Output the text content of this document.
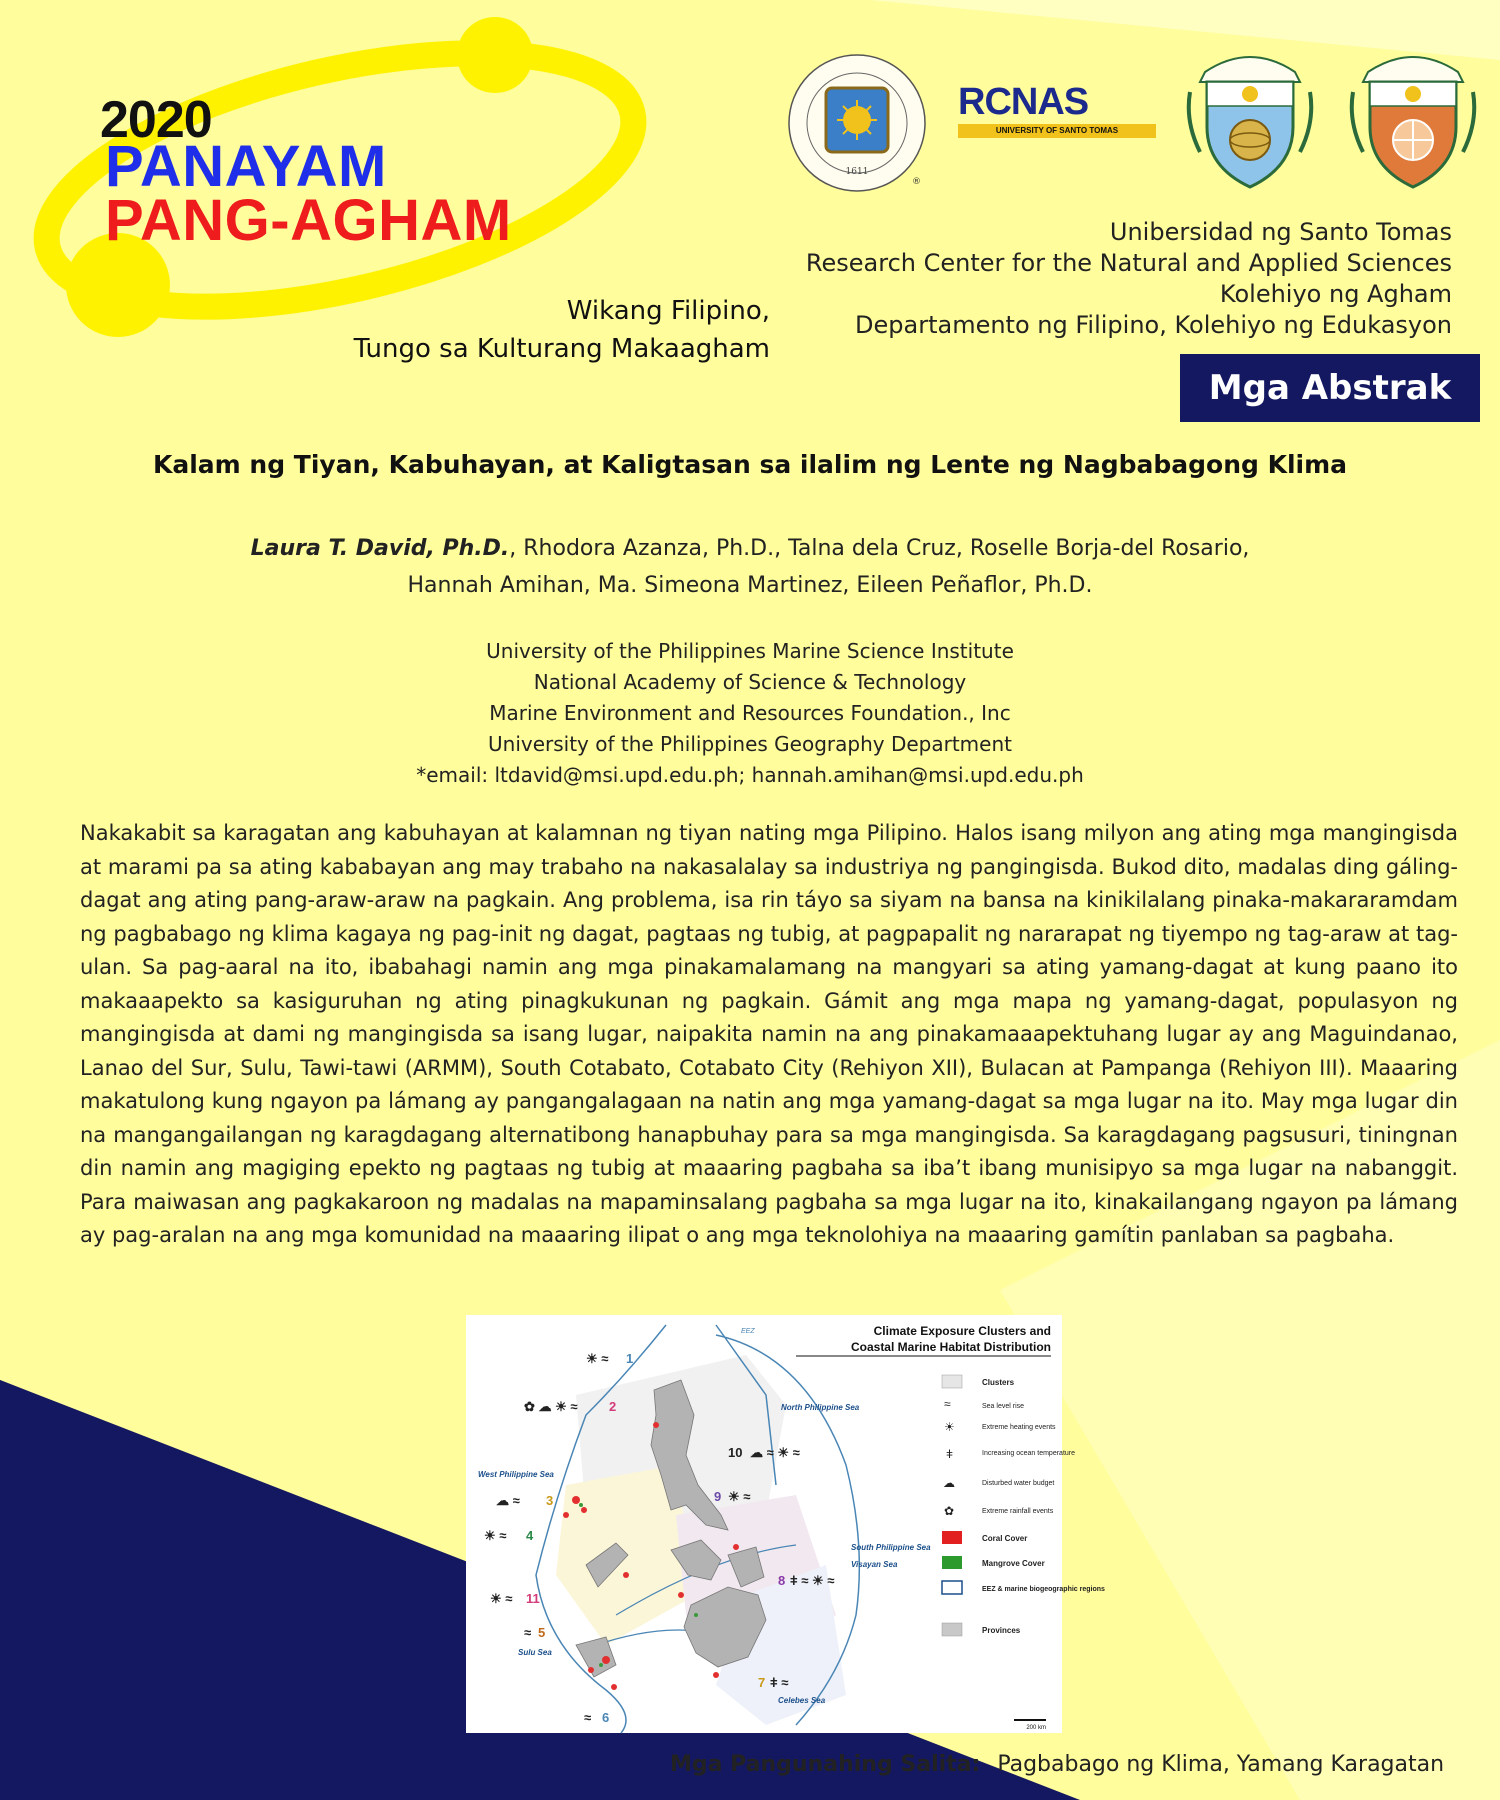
2020
PANAYAM
PANG-AGHAM
Wikang Filipino,
Tungo sa Kulturang Makaagham
1611
®
RCNAS
UNIVERSITY OF SANTO TOMAS
Unibersidad ng Santo Tomas
Research Center for the Natural and Applied Sciences
Kolehiyo ng Agham
Departamento ng Filipino, Kolehiyo ng Edukasyon
Mga Abstrak
Kalam ng Tiyan, Kabuhayan, at Kaligtasan sa ilalim ng Lente ng Nagbabagong Klima
Laura T. David, Ph.D., Rhodora Azanza, Ph.D., Talna dela Cruz, Roselle Borja-del Rosario,
Hannah Amihan, Ma. Simeona Martinez, Eileen Peñaflor, Ph.D.
University of the Philippines Marine Science Institute
National Academy of Science & Technology
Marine Environment and Resources Foundation., Inc
University of the Philippines Geography Department
*email: ltdavid@msi.upd.edu.ph; hannah.amihan@msi.upd.edu.ph
Nakakabit sa karagatan ang kabuhayan at kalamnan ng tiyan nating mga Pilipino. Halos isang milyon ang ating mga mangingisda at marami pa sa ating kababayan ang may trabaho na nakasalalay sa industriya ng pangingisda. Bukod dito, madalas ding gáling-dagat ang ating pang-araw-araw na pagkain. Ang problema, isa rin táyo sa siyam na bansa na kinikilalang pinaka-makararamdam ng pagbabago ng klima kagaya ng pag-init ng dagat, pagtaas ng tubig, at pagpapalit ng nararapat ng tiyempo ng tag-araw at tag-ulan. Sa pag-aaral na ito, ibabahagi namin ang mga pinakamalamang na mangyari sa ating yamang-dagat at kung paano ito makaaapekto sa kasiguruhan ng ating pinagkukunan ng pagkain. Gámit ang mga mapa ng yamang-dagat, populasyon ng mangingisda at dami ng mangingisda sa isang lugar, naipakita namin na ang pinakamaaapektuhang lugar ay ang Maguindanao, Lanao del Sur, Sulu, Tawi-tawi (ARMM), South Cotabato, Cotabato City (Rehiyon XII), Bulacan at Pampanga (Rehiyon III). Maaaring makatulong kung ngayon pa lámang ay pangangalagaan na natin ang mga yamang-dagat sa mga lugar na ito. May mga lugar din na mangangailangan ng karagdagang alternatibong hanapbuhay para sa mga mangingisda. Sa karagdagang pagsusuri, tiningnan din namin ang magiging epekto ng pagtaas ng tubig at maaaring pagbaha sa iba’t ibang munisipyo sa mga lugar na nabanggit. Para maiwasan ang pagkakaroon ng madalas na mapaminsalang pagbaha sa mga lugar na ito, kinakailangang ngayon pa lámang ay pag-aralan na ang mga komunidad na maaaring ilipat o ang mga teknolohiya na maaaring gamítin panlaban sa pagbaha.
North Philippine Sea
West Philippine Sea
South Philippine Sea
Visayan Sea
Sulu Sea
Celebes Sea
EEZ
☀ ≈ 1
✿ ☁ ☀ ≈ 2
☁ ≈ 3
☀ ≈ 4
≈ 5
≈ 6
7 ǂ ≈
8 ǂ ≈ ☀ ≈
9 ☀ ≈
10 ☁ ≈ ☀ ≈
☀ ≈ 11
Climate Exposure Clusters and
Coastal Marine Habitat Distribution
Clusters
≈	Sea level rise
☀	Extreme heating events
ǂ	Increasing ocean temperature
☁	Disturbed water budget
✿	Extreme rainfall events
Coral Cover
Mangrove Cover
EEZ & marine biogeographic regions
Provinces
200 km
Mga Pangunahing Salita: Pagbabago ng Klima, Yamang Karagatan
